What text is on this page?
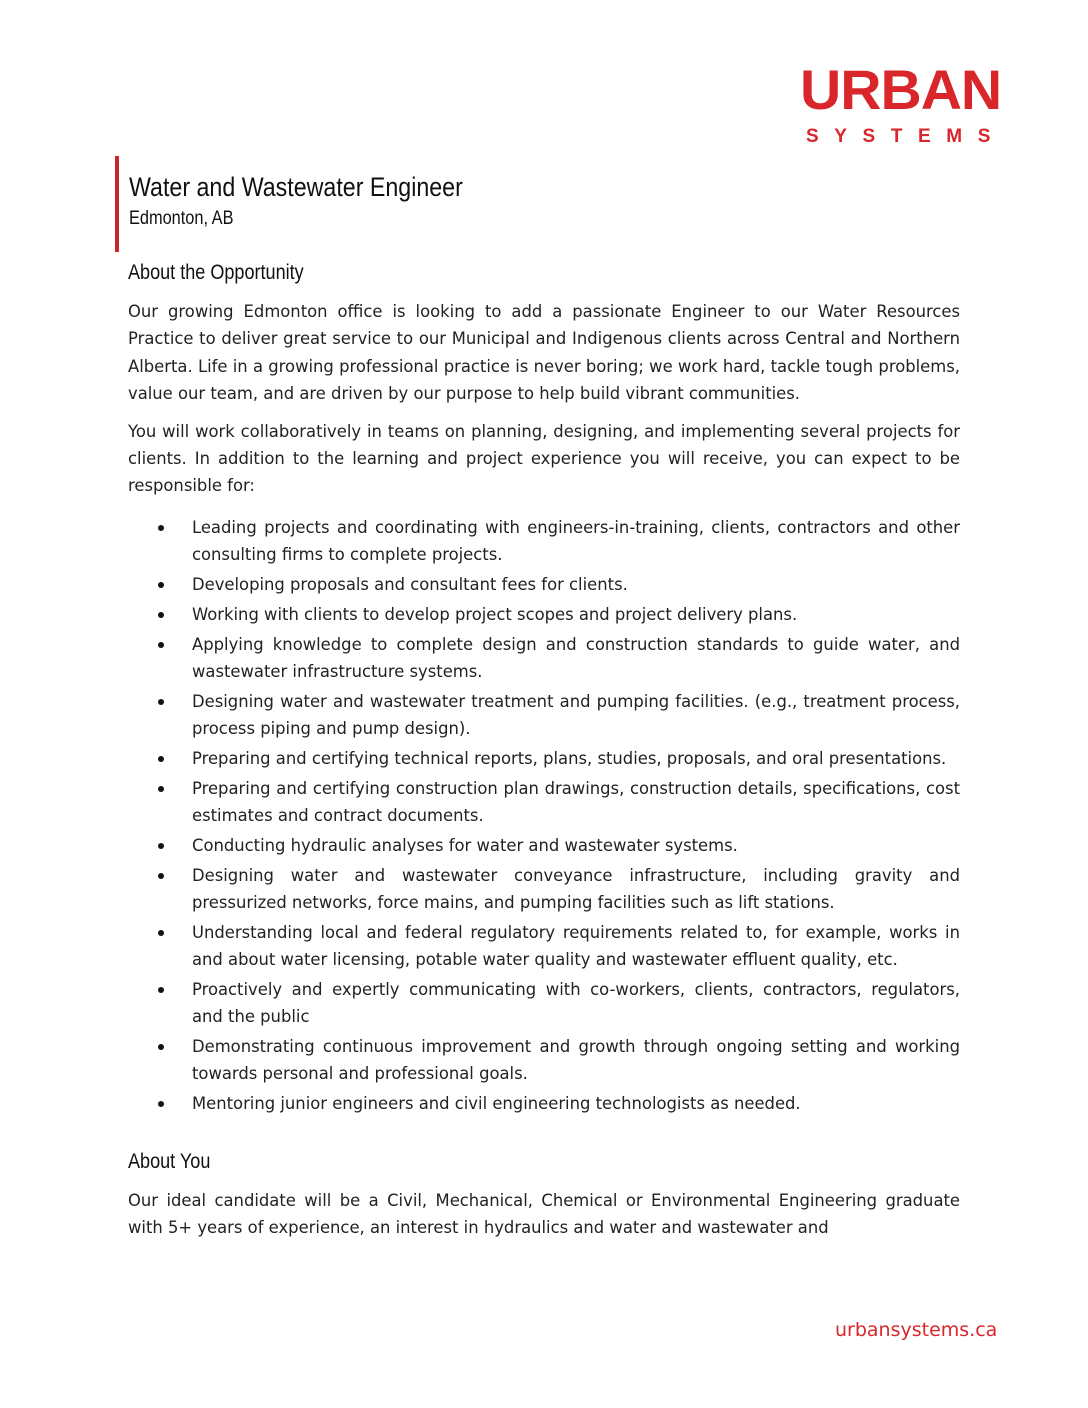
URBAN
SYSTEMS
Water and Wastewater Engineer
Edmonton, AB
About the Opportunity

Our growing Edmonton office is looking to add a passionate Engineer to our Water Resources Practice to deliver great service to our Municipal and Indigenous clients across Central and Northern Alberta. Life in a growing professional practice is never boring; we work hard, tackle tough problems, value our team, and are driven by our purpose to help build vibrant communities.

You will work collaboratively in teams on planning, designing, and implementing several projects for clients. In addition to the learning and project experience you will receive, you can expect to be responsible for:

Leading projects and coordinating with engineers-in-training, clients, contractors and other consulting firms to complete projects.
Developing proposals and consultant fees for clients.
Working with clients to develop project scopes and project delivery plans.
Applying knowledge to complete design and construction standards to guide water, and wastewater infrastructure systems.
Designing water and wastewater treatment and pumping facilities. (e.g., treatment process, process piping and pump design).
Preparing and certifying technical reports, plans, studies, proposals, and oral presentations.
Preparing and certifying construction plan drawings, construction details, specifications, cost estimates and contract documents.
Conducting hydraulic analyses for water and wastewater systems.
Designing water and wastewater conveyance infrastructure, including gravity and pressurized networks, force mains, and pumping facilities such as lift stations.
Understanding local and federal regulatory requirements related to, for example, works in and about water licensing, potable water quality and wastewater effluent quality, etc.
Proactively and expertly communicating with co-workers, clients, contractors, regulators, and the public
Demonstrating continuous improvement and growth through ongoing setting and working towards personal and professional goals.
Mentoring junior engineers and civil engineering technologists as needed.
About You

Our ideal candidate will be a Civil, Mechanical, Chemical or Environmental Engineering graduate with 5+ years of experience, an interest in hydraulics and water and wastewater and

urbansystems.ca
